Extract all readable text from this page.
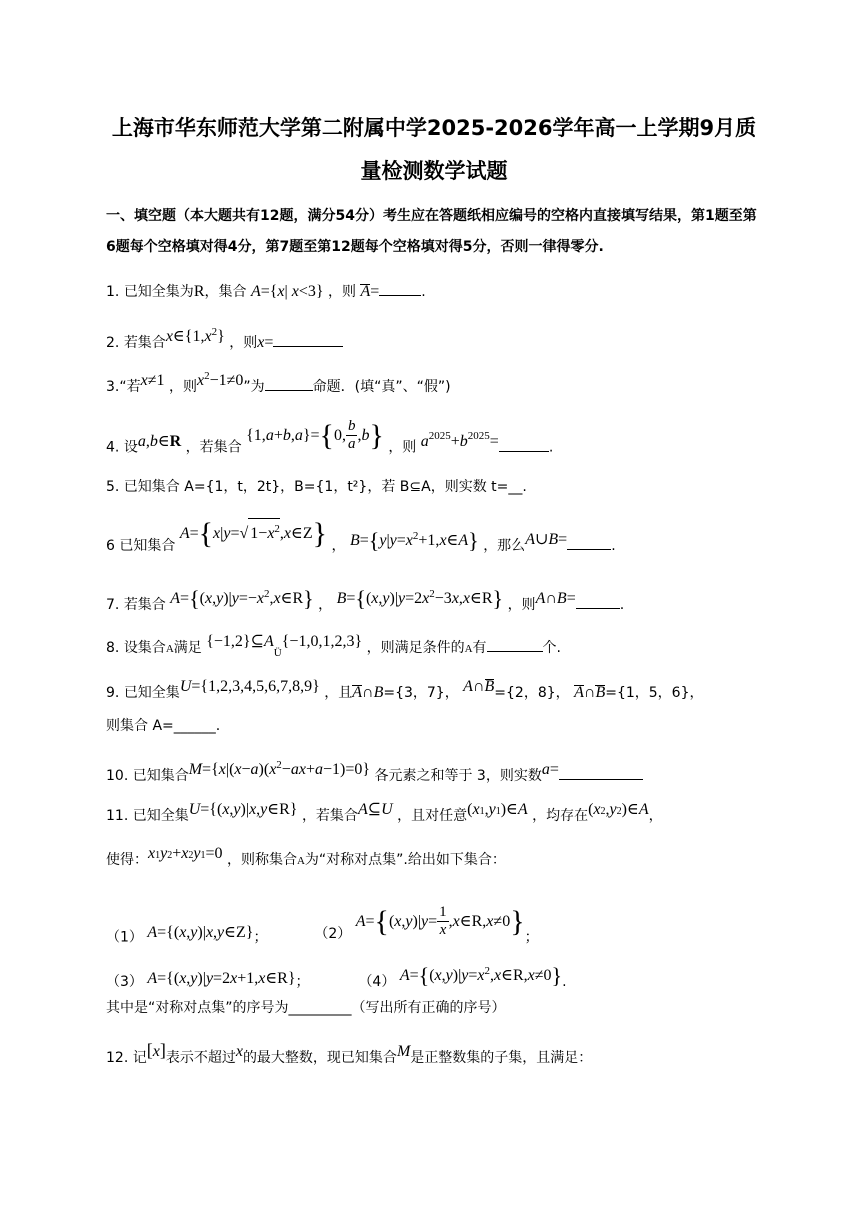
上海市华东师范大学第二附属中学2025-2026学年高一上学期9月质
量检测数学试题
一、填空题（本大题共有12题，满分54分）考生应在答题纸相应编号的空格内直接填写结果，第1题至第6题每个空格填对得4分，第7题至第12题每个空格填对得5分，否则一律得零分.
1. 已知全集为R，集合 A={x| x<3} ，则 A=	.
2. 若集合$x\in\{1,x^2\}$ ，则x=
3.“若x≠1 ，则$x^2-1\ne 0$”为	命题．(填“真”、“假”)
4. 设a,b∈R ，若集合 {1,a+b,a}={0, $\frac{b}{a} ,b$} ，则 $a^{2025}+b^{2025}=$	.
5. 已知集合 A={1，t，2t}，B={1，t²}，若 B⊆A，则实数 t=__.
6 已知集合 A={x|y=√ $1-x^2,x\in Z$} ， $B=\{y|y=x^2+1,x\in A\}$ ，那么A∪B=	.
7. 若集合 $A=\{(x,y)|y=-x^2,x\in R\}$ ， $B=\{(x,y)|y=2x^2-3x,x\in R\}$ ，则A∩B=	.
8. 设集合A满足 $\{-1,2\}⊆A_Ü\{-1,0,1,2,3\}$ ，则满足条件的A有	个.
9. 已知全集U={1,2,3,4,5,6,7,8,9} ，且A∩B={3，7}， A∩B={2，8}， A∩B={1，5，6}，
则集合 A=______.
10. 已知集合$M=\{x|(x-a)(x^2-ax+a-1)=0\}$ 各元素之和等于 3，则实数a=
11. 已知全集U={(x,y)|x,y∈R} ，若集合A⊆U ，且对任意$(x^1,y^1)\in A$ ，均存在$(x^2,y^2)\in A$，
使得：$x^1y^2+x^2y^1=0$ ，则称集合A为“对称对点集”.给出如下集合：
（1） A={(x,y)|x,y∈Z}；	（2） $A=\{(x,y)|y= \frac{1}{x}$ ,x∈R,x≠0}；
（3） A={(x,y)|y=2x+1,x∈R}；	（4） $A=\{(x,y)|y=x^2,x\in R,x\ne 0\}$.
其中是“对称对点集”的序号为_________（写出所有正确的序号）
12. 记[x]表示不超过x的最大整数，现已知集合M是正整数集的子集，且满足：
